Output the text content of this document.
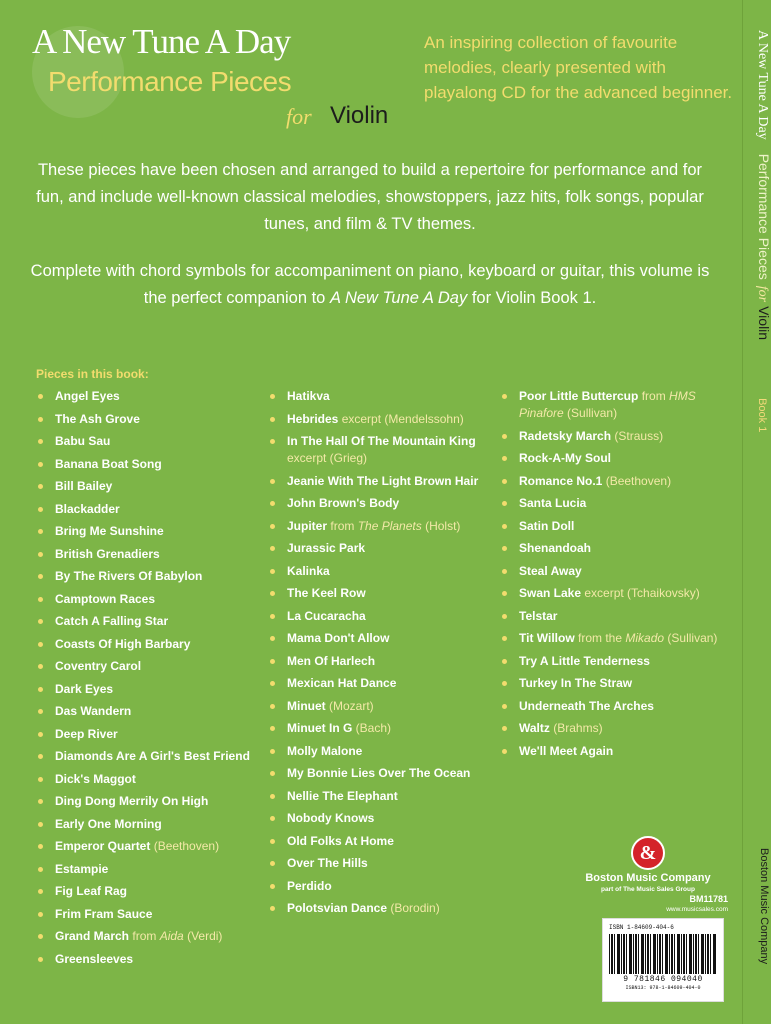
A New Tune A Day
Performance Pieces
for Violin
An inspiring collection of favourite melodies, clearly presented with playalong CD for the advanced beginner.

These pieces have been chosen and arranged to build a repertoire for performance and for fun, and include well-known classical melodies, showstoppers, jazz hits, folk songs, popular tunes, and film & TV themes.

Complete with chord symbols for accompaniment on piano, keyboard or guitar, this volume is the perfect companion to A New Tune A Day for Violin Book 1.

Pieces in this book:
Angel Eyes
The Ash Grove
Babu Sau
Banana Boat Song
Bill Bailey
Blackadder
Bring Me Sunshine
British Grenadiers
By The Rivers Of Babylon
Camptown Races
Catch A Falling Star
Coasts Of High Barbary
Coventry Carol
Dark Eyes
Das Wandern
Deep River
Diamonds Are A Girl's Best Friend
Dick's Maggot
Ding Dong Merrily On High
Early One Morning
Emperor Quartet (Beethoven)
Estampie
Fig Leaf Rag
Frim Fram Sauce
Grand March from Aida (Verdi)
Greensleeves
Hatikva
Hebrides excerpt (Mendelssohn)
In The Hall Of The Mountain King excerpt (Grieg)
Jeanie With The Light Brown Hair
John Brown's Body
Jupiter from The Planets (Holst)
Jurassic Park
Kalinka
The Keel Row
La Cucaracha
Mama Don't Allow
Men Of Harlech
Mexican Hat Dance
Minuet (Mozart)
Minuet In G (Bach)
Molly Malone
My Bonnie Lies Over The Ocean
Nellie The Elephant
Nobody Knows
Old Folks At Home
Over The Hills
Perdido
Polotsvian Dance (Borodin)
Poor Little Buttercup from HMS Pinafore (Sullivan)
Radetsky March (Strauss)
Rock-A-My Soul
Romance No.1 (Beethoven)
Santa Lucia
Satin Doll
Shenandoah
Steal Away
Swan Lake excerpt (Tchaikovsky)
Telstar
Tit Willow from the Mikado (Sullivan)
Try A Little Tenderness
Turkey In The Straw
Underneath The Arches
Waltz (Brahms)
We'll Meet Again
&
Boston Music Company
part of The Music Sales Group
BM11781
www.musicsales.com
ISBN 1-84609-404-6
9 781846 094040
ISBN13: 978-1-84609-404-0
A New Tune A DayPerformance PiecesforViolinBook 1
Boston Music Company
